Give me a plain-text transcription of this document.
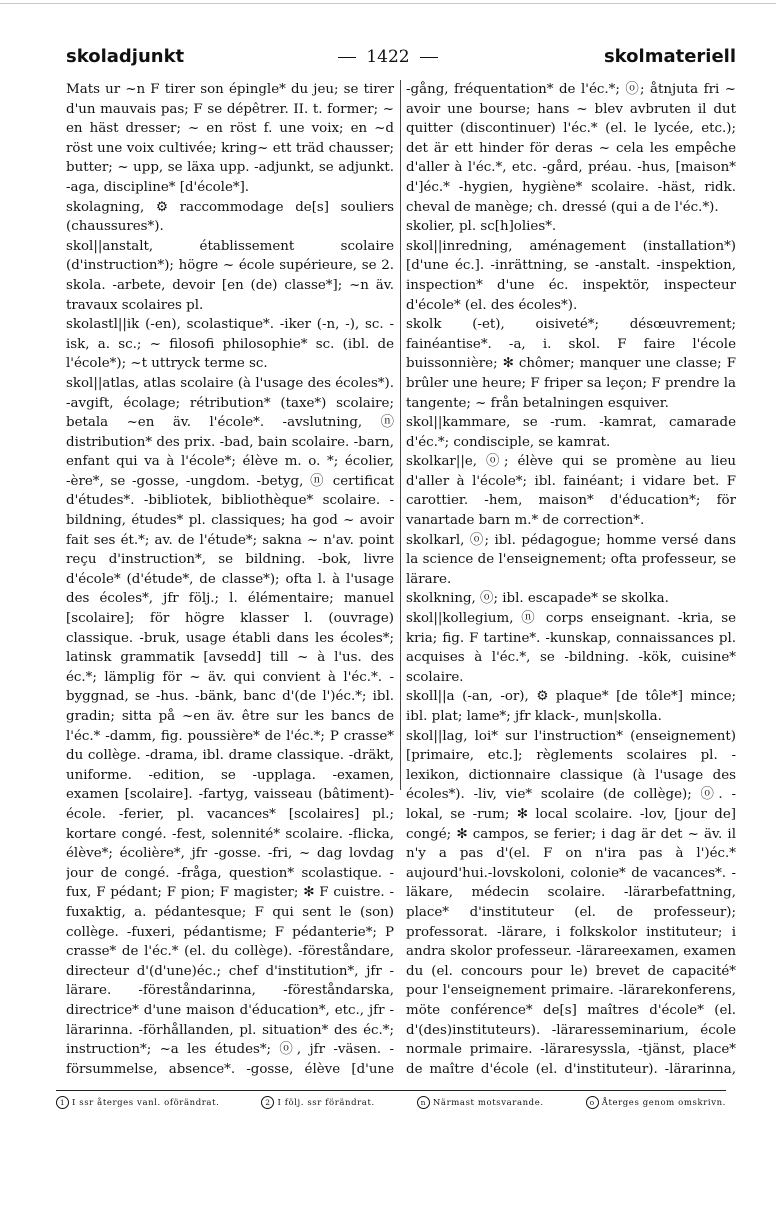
skoladjunkt	1422	skolmateriell

Mats ur ~n F tirer son épingle* du jeu; se tirer d'un mauvais pas; F se dépêtrer. II. t. former; ~ en häst dresser; ~ en röst f. une voix; en ~d röst une voix cultivée; kring~ ett träd chausser; butter; ~ upp, se läxa upp. -adjunkt, se adjunkt. -aga, discipline* [d'école*].

skolagning, ⚙ raccommodage de[s] souliers (chaussures*).

skol||anstalt, établissement scolaire (d'instruction*); högre ~ école supérieure, se 2. skola. -arbete, devoir [en (de) classe*]; ~n äv. travaux scolaires pl.

skolastl||ik (-en), scolastique*. -iker (-n, -), sc. -isk, a. sc.; ~ filosofi philosophie* sc. (ibl. de l'école*); ~t uttryck terme sc.

skol||atlas, atlas scolaire (à l'usage des écoles*). -avgift, écolage; rétribution* (taxe*) scolaire; betala ~en äv. l'école*. -avslutning, ⓝ distribution* des prix. -bad, bain scolaire. -barn, enfant qui va à l'école*; élève m. o. *; écolier, -ère*, se -gosse, -ungdom. -betyg, ⓝ certificat d'études*. -bibliotek, bibliothèque* scolaire. -bildning, études* pl. classiques; ha god ~ avoir fait ses ét.*; av. de l'étude*; sakna ~ n'av. point reçu d'instruction*, se bildning. -bok, livre d'école* (d'étude*, de classe*); ofta l. à l'usage des écoles*, jfr följ.; l. élémentaire; manuel [scolaire]; för högre klasser l. (ouvrage) classique. -bruk, usage établi dans les écoles*; latinsk grammatik [avsedd] till ~ à l'us. des éc.*; lämplig för ~ äv. qui convient à l'éc.*. -byggnad, se -hus. -bänk, banc d'(de l')éc.*; ibl. gradin; sitta på ~en äv. être sur les bancs de l'éc.* -damm, fig. poussière* de l'éc.*; P crasse* du collège. -drama, ibl. drame classique. -dräkt, uniforme. -edition, se -upplaga. -examen, examen [scolaire]. -fartyg, vaisseau (bâtiment)-école. -ferier, pl. vacances* [scolaires] pl.; kortare congé. -fest, solennité* scolaire. -flicka, élève*; écolière*, jfr -gosse. -fri, ~ dag lovdag jour de congé. -fråga, question* scolastique. -fux, F pédant; F pion; F magister; ✻ F cuistre. -fuxaktig, a. pédantesque; F qui sent le (son) collège. -fuxeri, pédantisme; F pédanterie*; P crasse* de l'éc.* (el. du collège). -föreståndare, directeur d'(d'une)éc.; chef d'institution*, jfr -lärare. -föreståndarinna, -föreståndarska, directrice* d'une maison d'éducation*, etc., jfr -lärarinna. -förhållanden, pl. situation* des éc.*; instruction*; ~a les études*; ⓞ, jfr -väsen. -försummelse, absence*. -gosse, élève [d'une

-gång, fréquentation* de l'éc.*; ⓞ; åtnjuta fri ~ avoir une bourse; hans ~ blev avbruten il dut quitter (discontinuer) l'éc.* (el. le lycée, etc.); det är ett hinder för deras ~ cela les empêche d'aller à l'éc.*, etc. -gård, préau. -hus, [maison* d']éc.* -hygien, hygiène* scolaire. -häst, ridk. cheval de manège; ch. dressé (qui a de l'éc.*).

skolier, pl. sc[h]olies*.

skol||inredning, aménagement (installation*) [d'une éc.]. -inrättning, se -anstalt. -inspektion, inspection* d'une éc. inspektör, inspecteur d'école* (el. des écoles*).

skolk (-et), oisiveté*; désœuvrement; fainéantise*. -a, i. skol. F faire l'école buissonnière; ✻ chômer; manquer une classe; F brûler une heure; F friper sa leçon; F prendre la tangente; ~ från betalningen esquiver.

skol||kammare, se -rum. -kamrat, camarade d'éc.*; condisciple, se kamrat.

skolkar||e, ⓞ; élève qui se promène au lieu d'aller à l'école*; ibl. fainéant; i vidare bet. F carottier. -hem, maison* d'éducation*; för vanartade barn m.* de correction*.

skolkarl, ⓞ; ibl. pédagogue; homme versé dans la science de l'enseignement; ofta professeur, se lärare.

skolkning, ⓞ; ibl. escapade* se skolka.

skol||kollegium, ⓝ corps enseignant. -kria, se kria; fig. F tartine*. -kunskap, connaissances pl. acquises à l'éc.*, se -bildning. -kök, cuisine* scolaire.

skoll||a (-an, -or), ⚙ plaque* [de tôle*] mince; ibl. plat; lame*; jfr klack-, mun|skolla.

skol||lag, loi* sur l'instruction* (enseignement) [primaire, etc.]; règlements scolaires pl. -lexikon, dictionnaire classique (à l'usage des écoles*). -liv, vie* scolaire (de collège); ⓞ. -lokal, se -rum; ✻ local scolaire. -lov, [jour de] congé; ✻ campos, se ferier; i dag är det ~ äv. il n'y a pas d'(el. F on n'ira pas à l')éc.* aujourd'hui.-lovskoloni, colonie* de vacances*. -läkare, médecin scolaire. -lärarbefattning, place* d'instituteur (el. de professeur); professorat. -lärare, i folkskolor instituteur; i andra skolor professeur. -lärareexamen, examen du (el. concours pour le) brevet de capacité* pour l'enseignement primaire. -lärarekonferens, möte conférence* de[s] maîtres d'école* (el. d'(des)instituteurs). -läraresseminarium, école normale primaire. -läraresyssla, -tjänst, place* de maître d'école (el. d'instituteur). -lärarinna,

1 I ssr återges vanl. oförändrat.	2 I följ. ssr förändrat.	n Närmast motsvarande.	o Återges genom omskrivn.
